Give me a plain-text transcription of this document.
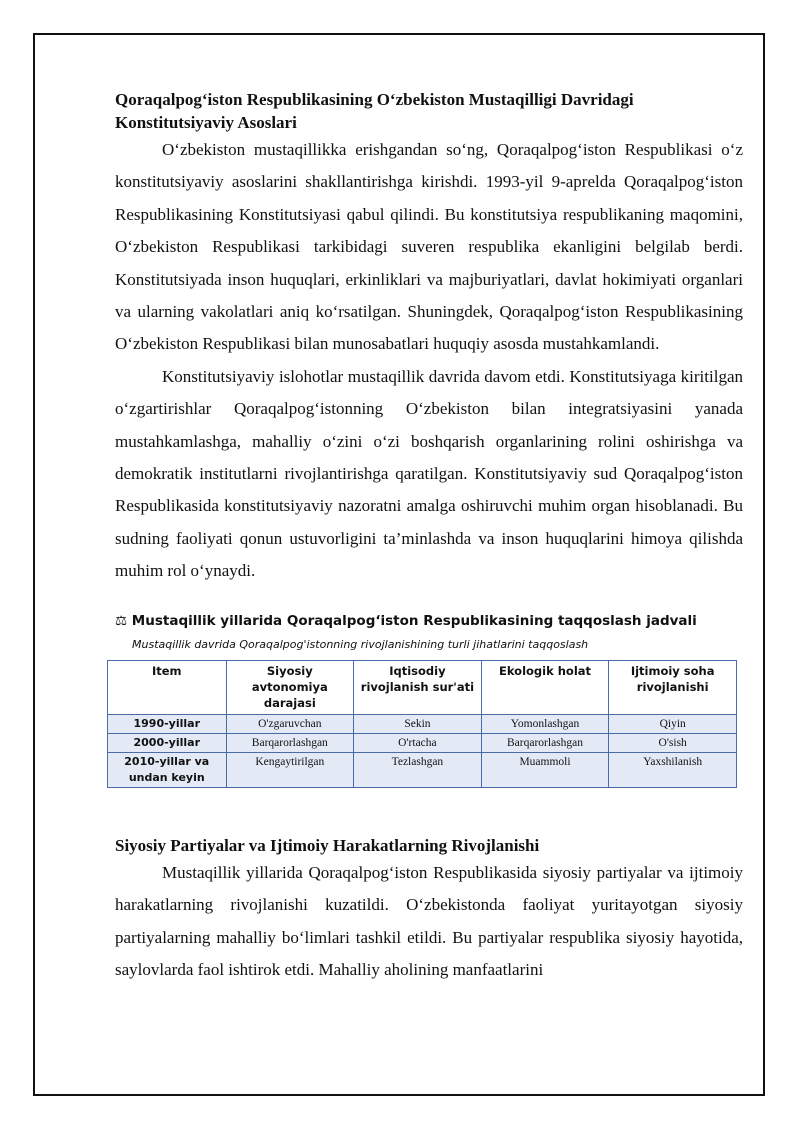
Qoraqalpog‘iston Respublikasining O‘zbekiston Mustaqilligi Davridagi Konstitutsiyaviy Asoslari

O‘zbekiston mustaqillikka erishgandan so‘ng, Qoraqalpog‘iston Respublikasi o‘z konstitutsiyaviy asoslarini shakllantirishga kirishdi. 1993-yil 9-aprelda Qoraqalpog‘iston Respublikasining Konstitutsiyasi qabul qilindi. Bu konstitutsiya respublikaning maqomini, O‘zbekiston Respublikasi tarkibidagi suveren respublika ekanligini belgilab berdi. Konstitutsiyada inson huquqlari, erkinliklari va majburiyatlari, davlat hokimiyati organlari va ularning vakolatlari aniq ko‘rsatilgan. Shuningdek, Qoraqalpog‘iston Respublikasining O‘zbekiston Respublikasi bilan munosabatlari huquqiy asosda mustahkamlandi.

Konstitutsiyaviy islohotlar mustaqillik davrida davom etdi. Konstitutsiyaga kiritilgan o‘zgartirishlar Qoraqalpog‘istonning O‘zbekiston bilan integratsiyasini yanada mustahkamlashga, mahalliy o‘zini o‘zi boshqarish organlarining rolini oshirishga va demokratik institutlarni rivojlantirishga qaratilgan. Konstitutsiyaviy sud Qoraqalpog‘iston Respublikasida konstitutsiyaviy nazoratni amalga oshiruvchi muhim organ hisoblanadi. Bu sudning faoliyati qonun ustuvorligini ta’minlashda va inson huquqlarini himoya qilishda muhim rol o‘ynaydi.

⚖ Mustaqillik yillarida Qoraqalpog‘iston Respublikasining taqqoslash jadvali
Mustaqillik davrida Qoraqalpog'istonning rivojlanishining turli jihatlarini taqqoslash
Item	Siyosiy avtonomiya darajasi	Iqtisodiy rivojlanish sur'ati	Ekologik holat	Ijtimoiy soha rivojlanishi
1990-yillar	O'zgaruvchan	Sekin	Yomonlashgan	Qiyin
2000-yillar	Barqarorlashgan	O'rtacha	Barqarorlashgan	O'sish
2010-yillar va undan keyin	Kengaytirilgan	Tezlashgan	Muammoli	Yaxshilanish
Siyosiy Partiyalar va Ijtimoiy Harakatlarning Rivojlanishi

Mustaqillik yillarida Qoraqalpog‘iston Respublikasida siyosiy partiyalar va ijtimoiy harakatlarning rivojlanishi kuzatildi. O‘zbekistonda faoliyat yuritayotgan siyosiy partiyalarning mahalliy bo‘limlari tashkil etildi. Bu partiyalar respublika siyosiy hayotida, saylovlarda faol ishtirok etdi. Mahalliy aholining manfaatlarini
